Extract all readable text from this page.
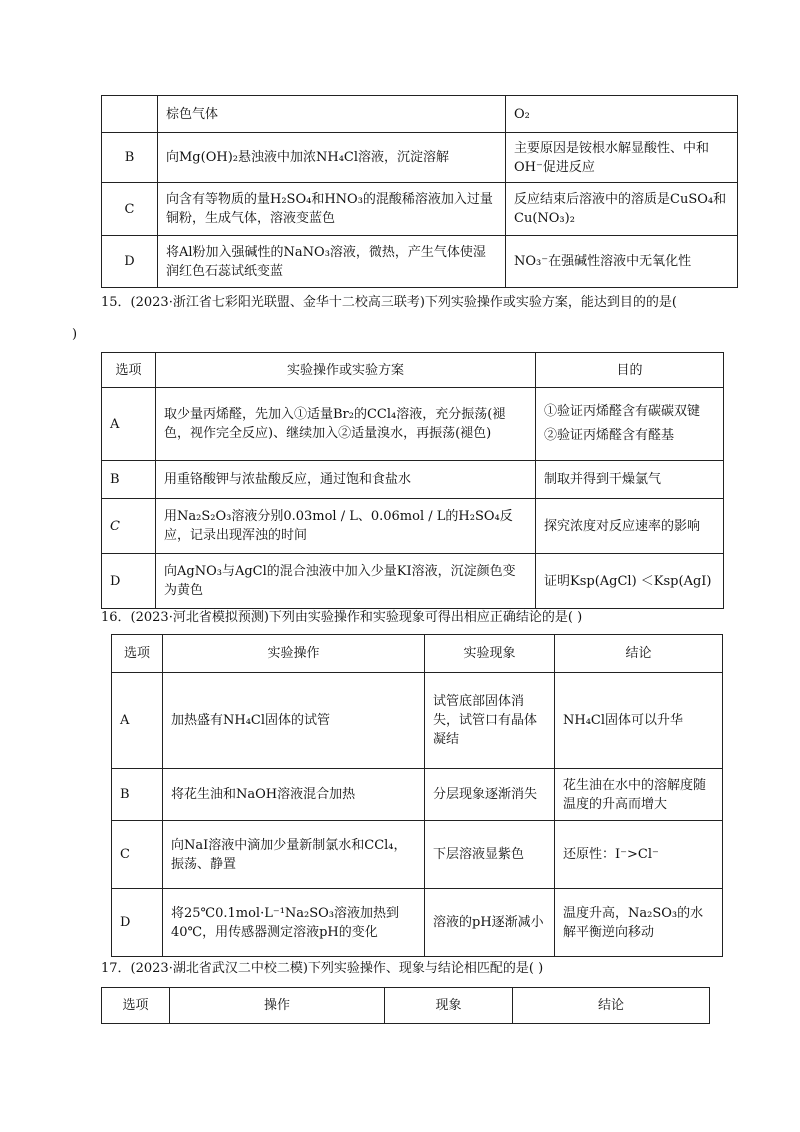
	棕色气体	O₂
B	向Mg(OH)₂悬浊液中加浓NH₄Cl溶液，沉淀溶解	主要原因是铵根水解显酸性、中和OH⁻促进反应
C	向含有等物质的量H₂SO₄和HNO₃的混酸稀溶液加入过量铜粉，生成气体，溶液变蓝色	反应结束后溶液中的溶质是CuSO₄和Cu(NO₃)₂
D	将Al粉加入强碱性的NaNO₃溶液，微热，产生气体使湿润红色石蕊试纸变蓝	NO₃⁻在强碱性溶液中无氧化性
15．(2023·浙江省七彩阳光联盟、金华十二校高三联考)下列实验操作或实验方案，能达到目的的是(
)
选项	实验操作或实验方案	目的
A	取少量丙烯醛，先加入①适量Br₂的CCl₄溶液，充分振荡(褪色，视作完全反应)、继续加入②适量溴水，再振荡(褪色)	①验证丙烯醛含有碳碳双键
②验证丙烯醛含有醛基

B	用重铬酸钾与浓盐酸反应，通过饱和食盐水	制取并得到干燥氯气
C	用Na₂S₂O₃溶液分别0.03mol / L、0.06mol / L的H₂SO₄反应，记录出现浑浊的时间	探究浓度对反应速率的影响
D	向AgNO₃与AgCl的混合浊液中加入少量KI溶液，沉淀颜色变为黄色	证明Ksp(AgCl) ＜Ksp(AgI)
16．(2023·河北省模拟预测)下列由实验操作和实验现象可得出相应正确结论的是( )
选项	实验操作	实验现象	结论
A	加热盛有NH₄Cl固体的试管	试管底部固体消失，试管口有晶体凝结	NH₄Cl固体可以升华
B	将花生油和NaOH溶液混合加热	分层现象逐渐消失	花生油在水中的溶解度随温度的升高而增大
C	向NaI溶液中滴加少量新制氯水和CCl₄，振荡、静置	下层溶液显紫色	还原性：I⁻>Cl⁻
D	将25℃0.1mol·L⁻¹Na₂SO₃溶液加热到40℃，用传感器测定溶液pH的变化	溶液的pH逐渐减小	温度升高，Na₂SO₃的水解平衡逆向移动
17．(2023·湖北省武汉二中校二模)下列实验操作、现象与结论相匹配的是( )
选项	操作	现象	结论
